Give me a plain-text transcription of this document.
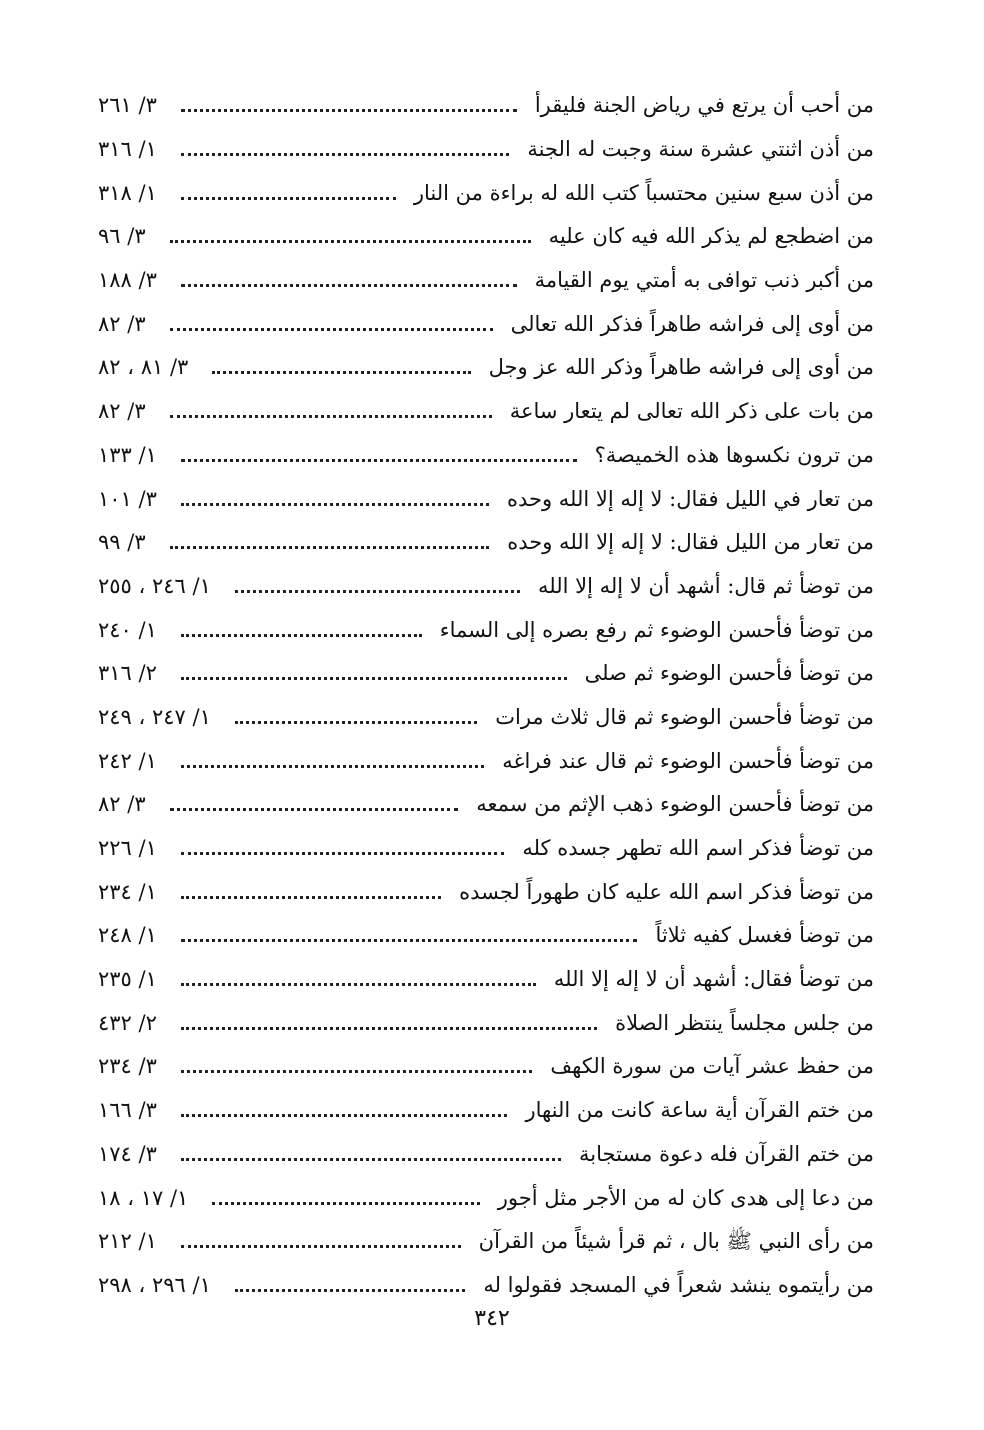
من أحب أن يرتع في رياض الجنة فليقرأ
٣/ ٢٦١
من أذن اثنتي عشرة سنة وجبت له الجنة
١/ ٣١٦
من أذن سبع سنين محتسباً كتب الله له براءة من النار
١/ ٣١٨
من اضطجع لم يذكر الله فيه كان عليه
٣/ ٩٦
من أكبر ذنب توافى به أمتي يوم القيامة
٣/ ١٨٨
من أوى إلى فراشه طاهراً فذكر الله تعالى
٣/ ٨٢
من أوى إلى فراشه طاهراً وذكر الله عز وجل
٣/ ٨١ ، ٨٢
من بات على ذكر الله تعالى لم يتعار ساعة
٣/ ٨٢
من ترون نكسوها هذه الخميصة؟
١/ ١٣٣
من تعار في الليل فقال: لا إله إلا الله وحده
٣/ ١٠١
من تعار من الليل فقال: لا إله إلا الله وحده
٣/ ٩٩
من توضأ ثم قال: أشهد أن لا إله إلا الله
١/ ٢٤٦ ، ٢٥٥
من توضأ فأحسن الوضوء ثم رفع بصره إلى السماء
١/ ٢٤٠
من توضأ فأحسن الوضوء ثم صلى
٢/ ٣١٦
من توضأ فأحسن الوضوء ثم قال ثلاث مرات
١/ ٢٤٧ ، ٢٤٩
من توضأ فأحسن الوضوء ثم قال عند فراغه
١/ ٢٤٢
من توضأ فأحسن الوضوء ذهب الإثم من سمعه
٣/ ٨٢
من توضأ فذكر اسم الله تطهر جسده كله
١/ ٢٢٦
من توضأ فذكر اسم الله عليه كان طهوراً لجسده
١/ ٢٣٤
من توضأ فغسل كفيه ثلاثاً
١/ ٢٤٨
من توضأ فقال: أشهد أن لا إله إلا الله
١/ ٢٣٥
من جلس مجلساً ينتظر الصلاة
٢/ ٤٣٢
من حفظ عشر آيات من سورة الكهف
٣/ ٢٣٤
من ختم القرآن أية ساعة كانت من النهار
٣/ ١٦٦
من ختم القرآن فله دعوة مستجابة
٣/ ١٧٤
من دعا إلى هدى كان له من الأجر مثل أجور
١/ ١٧ ، ١٨
من رأى النبي ﷺ بال ، ثم قرأ شيئاً من القرآن
١/ ٢١٢
من رأيتموه ينشد شعراً في المسجد فقولوا له
١/ ٢٩٦ ، ٢٩٨
٣٤٢
